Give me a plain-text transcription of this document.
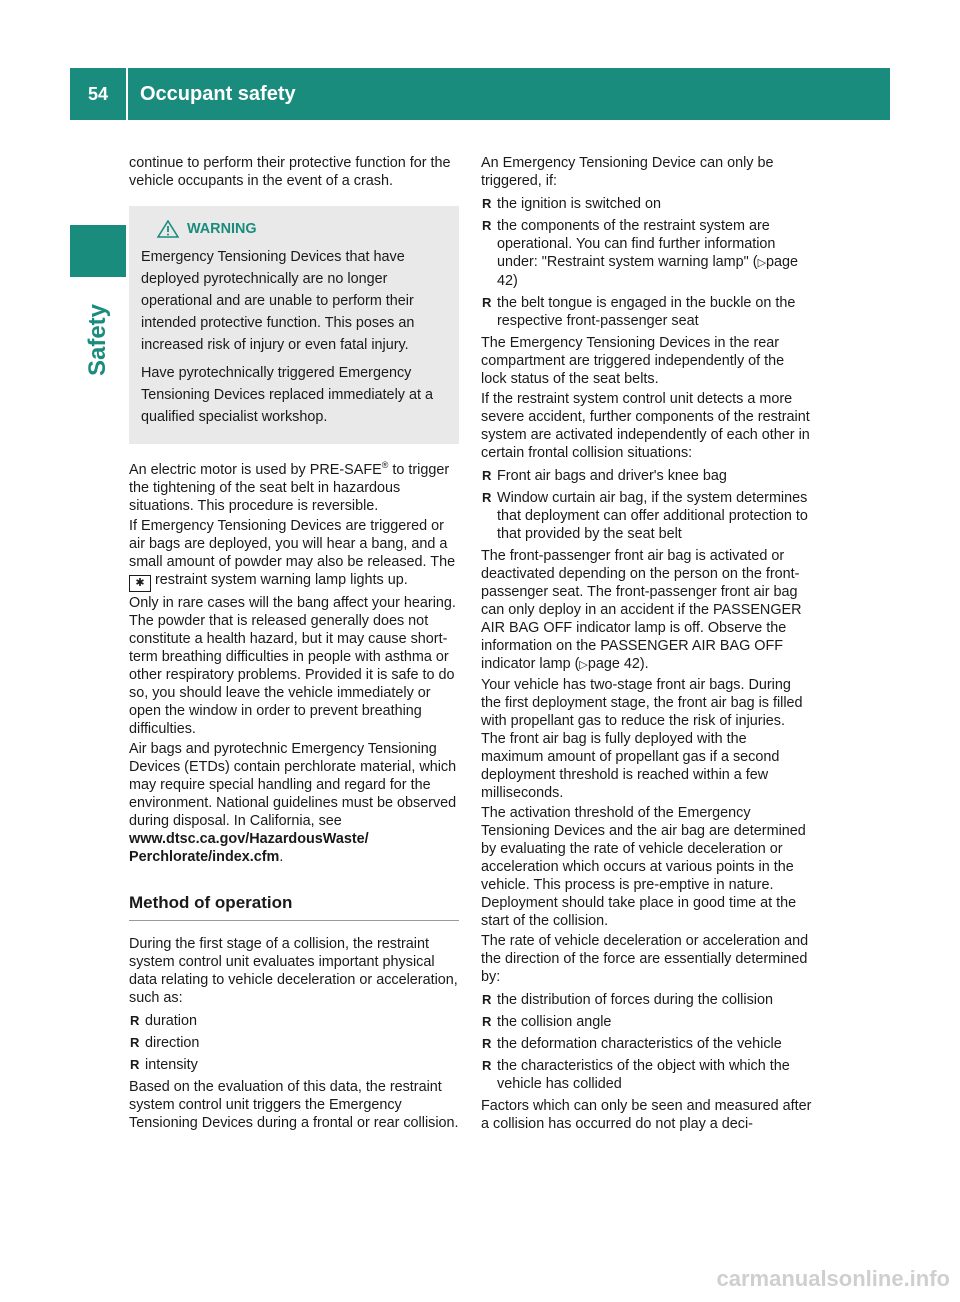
54	Occupant safety
Safety

continue to perform their protective function for the vehicle occupants in the event of a crash.

WARNING

Emergency Tensioning Devices that have deployed pyrotechnically are no longer operational and are unable to perform their intended protective function. This poses an increased risk of injury or even fatal injury.

Have pyrotechnically triggered Emergency Tensioning Devices replaced immediately at a qualified specialist workshop.

An electric motor is used by PRE-SAFE® to trigger the tightening of the seat belt in hazardous situations. This procedure is reversible.

If Emergency Tensioning Devices are triggered or air bags are deployed, you will hear a bang, and a small amount of powder may also be released. The ✱ restraint system warning lamp lights up.

Only in rare cases will the bang affect your hearing. The powder that is released generally does not constitute a health hazard, but it may cause short-term breathing difficulties in people with asthma or other respiratory problems. Provided it is safe to do so, you should leave the vehicle immediately or open the window in order to prevent breathing difficulties.

Air bags and pyrotechnic Emergency Tensioning Devices (ETDs) contain perchlorate material, which may require special handling and regard for the environment. National guidelines must be observed during disposal. In California, see www.dtsc.ca.gov/HazardousWaste/ Perchlorate/index.cfm.

Method of operation

During the first stage of a collision, the restraint system control unit evaluates important physical data relating to vehicle deceleration or acceleration, such as:

R duration
R direction
R intensity

Based on the evaluation of this data, the restraint system control unit triggers the Emergency Tensioning Devices during a frontal or rear collision.

An Emergency Tensioning Device can only be triggered, if:

R the ignition is switched on
R the components of the restraint system are operational. You can find further information under: "Restraint system warning lamp" (▷page 42)
R the belt tongue is engaged in the buckle on the respective front-passenger seat

The Emergency Tensioning Devices in the rear compartment are triggered independently of the lock status of the seat belts.

If the restraint system control unit detects a more severe accident, further components of the restraint system are activated independently of each other in certain frontal collision situations:

R Front air bags and driver's knee bag
R Window curtain air bag, if the system determines that deployment can offer additional protection to that provided by the seat belt

The front-passenger front air bag is activated or deactivated depending on the person on the front-passenger seat. The front-passenger front air bag can only deploy in an accident if the PASSENGER AIR BAG OFF indicator lamp is off. Observe the information on the PASSENGER AIR BAG OFF indicator lamp (▷page 42).

Your vehicle has two-stage front air bags. During the first deployment stage, the front air bag is filled with propellant gas to reduce the risk of injuries. The front air bag is fully deployed with the maximum amount of propellant gas if a second deployment threshold is reached within a few milliseconds.

The activation threshold of the Emergency Tensioning Devices and the air bag are determined by evaluating the rate of vehicle deceleration or acceleration which occurs at various points in the vehicle. This process is pre-emptive in nature. Deployment should take place in good time at the start of the collision.

The rate of vehicle deceleration or acceleration and the direction of the force are essentially determined by:

R the distribution of forces during the collision
R the collision angle
R the deformation characteristics of the vehicle
R the characteristics of the object with which the vehicle has collided

Factors which can only be seen and measured after a collision has occurred do not play a deci-

carmanualsonline.info
